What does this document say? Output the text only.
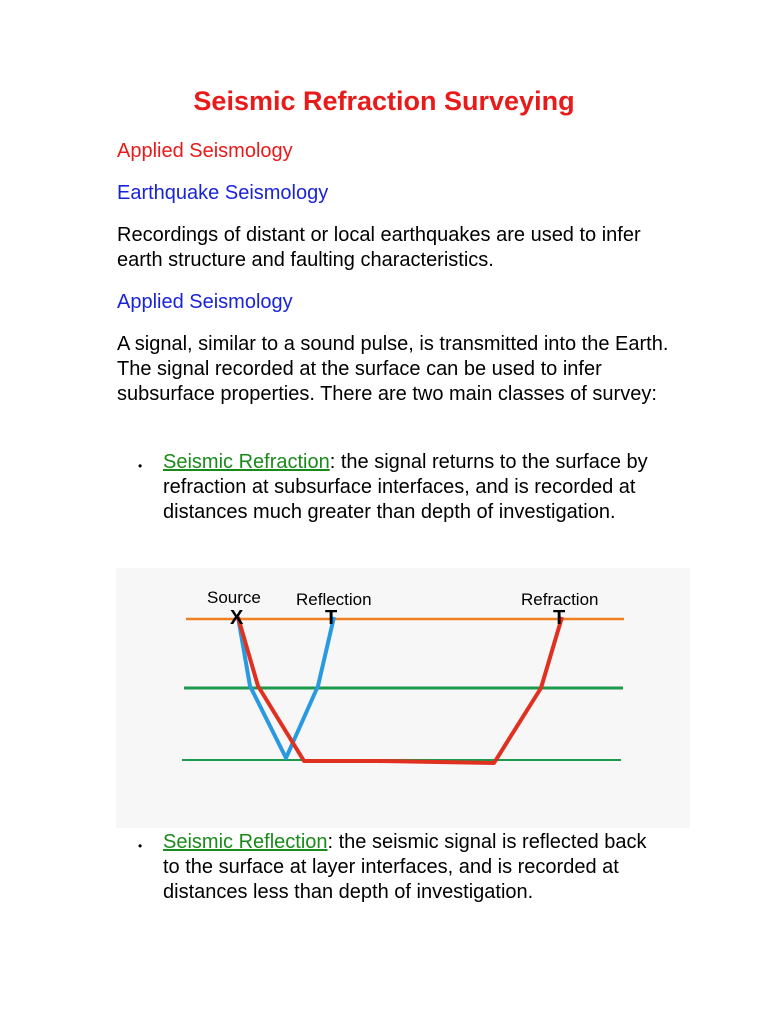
Seismic Refraction Surveying

Applied Seismology

Earthquake Seismology

Recordings of distant or local earthquakes are used to infer earth structure and faulting characteristics.

Applied Seismology

A signal, similar to a sound pulse, is transmitted into the Earth. The signal recorded at the surface can be used to infer subsurface properties. There are two main classes of survey:

• Seismic Refraction: the signal returns to the surface by refraction at subsurface interfaces, and is recorded at distances much greater than depth of investigation.
Source Reflection	Refraction
X	T	T
• Seismic Reflection: the seismic signal is reflected back to the surface at layer interfaces, and is recorded at distances less than depth of investigation.
